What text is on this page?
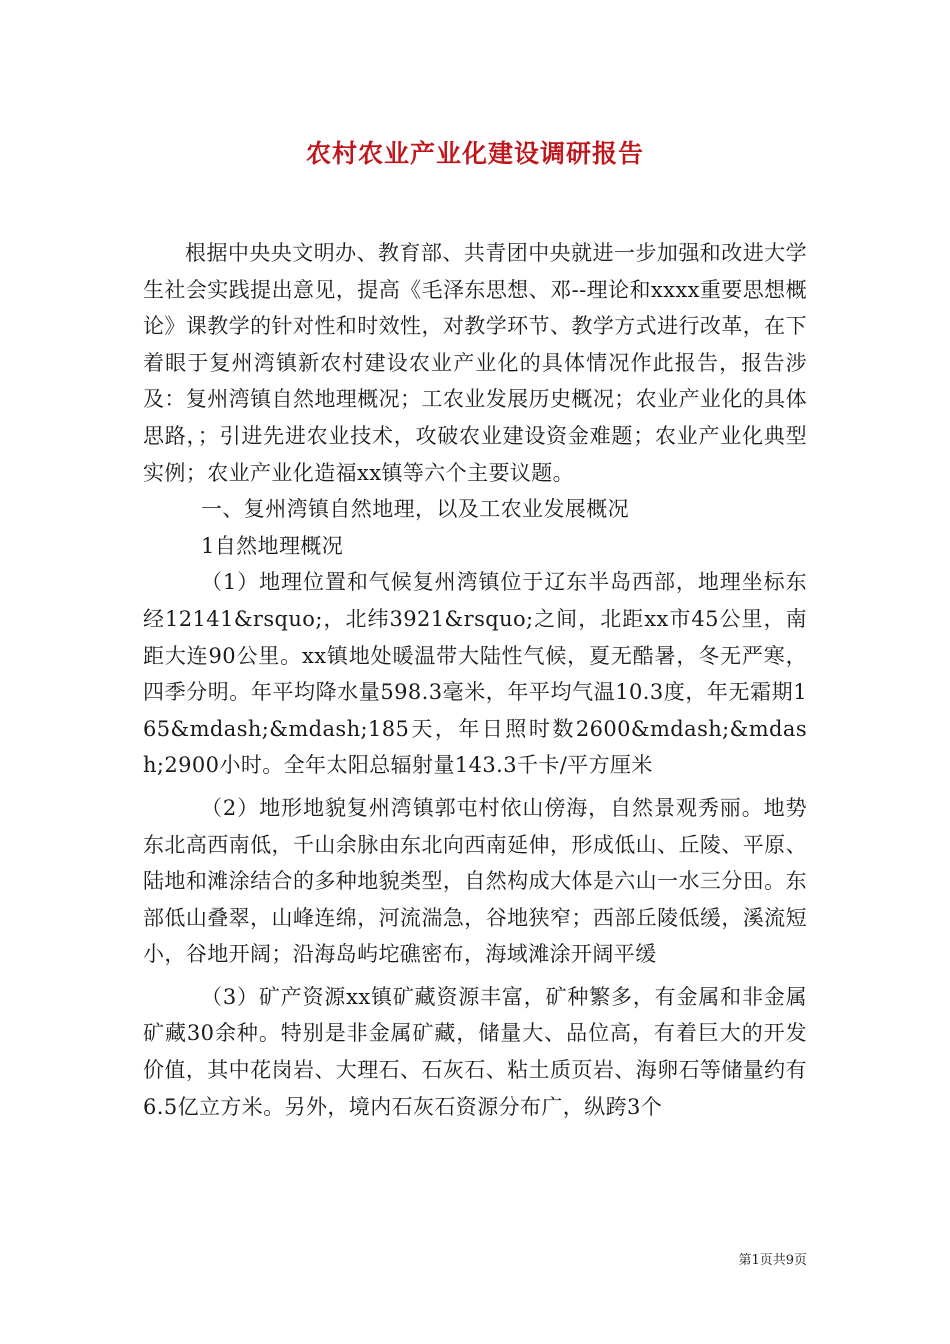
农村农业产业化建设调研报告

根据中央央文明办、教育部、共青团中央就进一步加强和改进大学生社会实践提出意见，提高《毛泽东思想、邓--理论和xxxx重要思想概论》课教学的针对性和时效性，对教学环节、教学方式进行改革，在下着眼于复州湾镇新农村建设农业产业化的具体情况作此报告，报告涉及：复州湾镇自然地理概况；工农业发展历史概况；农业产业化的具体思路，；引进先进农业技术，攻破农业建设资金难题；农业产业化典型实例；农业产业化造福xx镇等六个主要议题。

一、复州湾镇自然地理，以及工农业发展概况

1自然地理概况

（1）地理位置和气候复州湾镇位于辽东半岛西部，地理坐标东经12141&rsquo;，北纬3921&rsquo;之间，北距xx市45公里，南距大连90公里。xx镇地处暖温带大陆性气候，夏无酷暑，冬无严寒，四季分明。年平均降水量598.3毫米，年平均气温10.3度，年无霜期165&mdash;&mdash;185天，年日照时数2600&mdash;&mdash;2900小时。全年太阳总辐射量143.3千卡/平方厘米

（2）地形地貌复州湾镇郭屯村依山傍海，自然景观秀丽。地势东北高西南低，千山余脉由东北向西南延伸，形成低山、丘陵、平原、陆地和滩涂结合的多种地貌类型，自然构成大体是六山一水三分田。东部低山叠翠，山峰连绵，河流湍急，谷地狭窄；西部丘陵低缓，溪流短小，谷地开阔；沿海岛屿坨礁密布，海域滩涂开阔平缓

（3）矿产资源xx镇矿藏资源丰富，矿种繁多，有金属和非金属矿藏30余种。特别是非金属矿藏，储量大、品位高，有着巨大的开发价值，其中花岗岩、大理石、石灰石、粘土质页岩、海卵石等储量约有6.5亿立方米。另外，境内石灰石资源分布广，纵跨3个

第1页共9页
